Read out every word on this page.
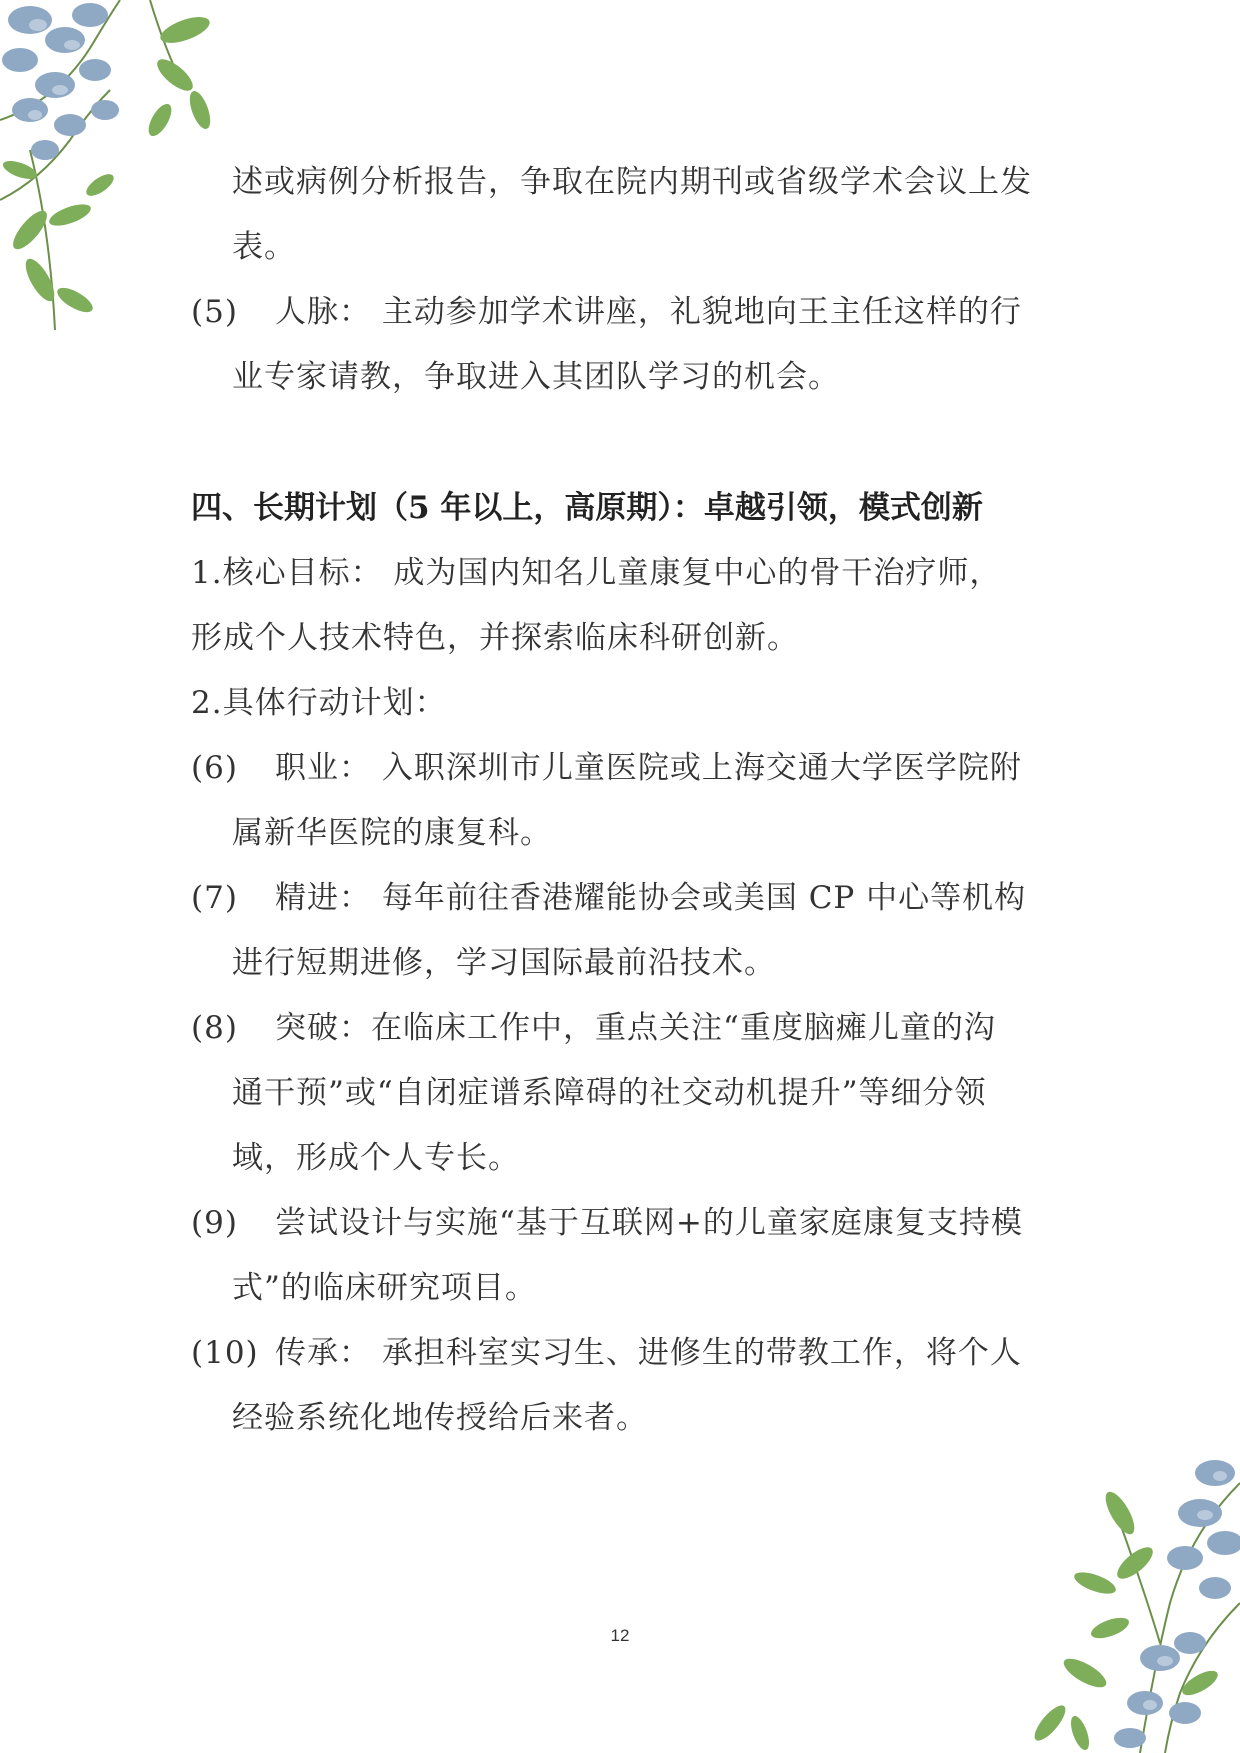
述或病例分析报告，争取在院内期刊或省级学术会议上发
表。
(5) 人脉： 主动参加学术讲座，礼貌地向王主任这样的行
业专家请教，争取进入其团队学习的机会。
四、长期计划（5 年以上，高原期）：卓越引领，模式创新
1.核心目标： 成为国内知名儿童康复中心的骨干治疗师，
形成个人技术特色，并探索临床科研创新。
2.具体行动计划：
(6) 职业： 入职深圳市儿童医院或上海交通大学医学院附
属新华医院的康复科。
(7) 精进： 每年前往香港耀能协会或美国 CP 中心等机构
进行短期进修，学习国际最前沿技术。
(8) 突破：在临床工作中，重点关注“重度脑瘫儿童的沟
通干预”或“自闭症谱系障碍的社交动机提升”等细分领
域，形成个人专长。
(9) 尝试设计与实施“基于互联网+的儿童家庭康复支持模
式”的临床研究项目。
(10) 传承： 承担科室实习生、进修生的带教工作，将个人
经验系统化地传授给后来者。
12
